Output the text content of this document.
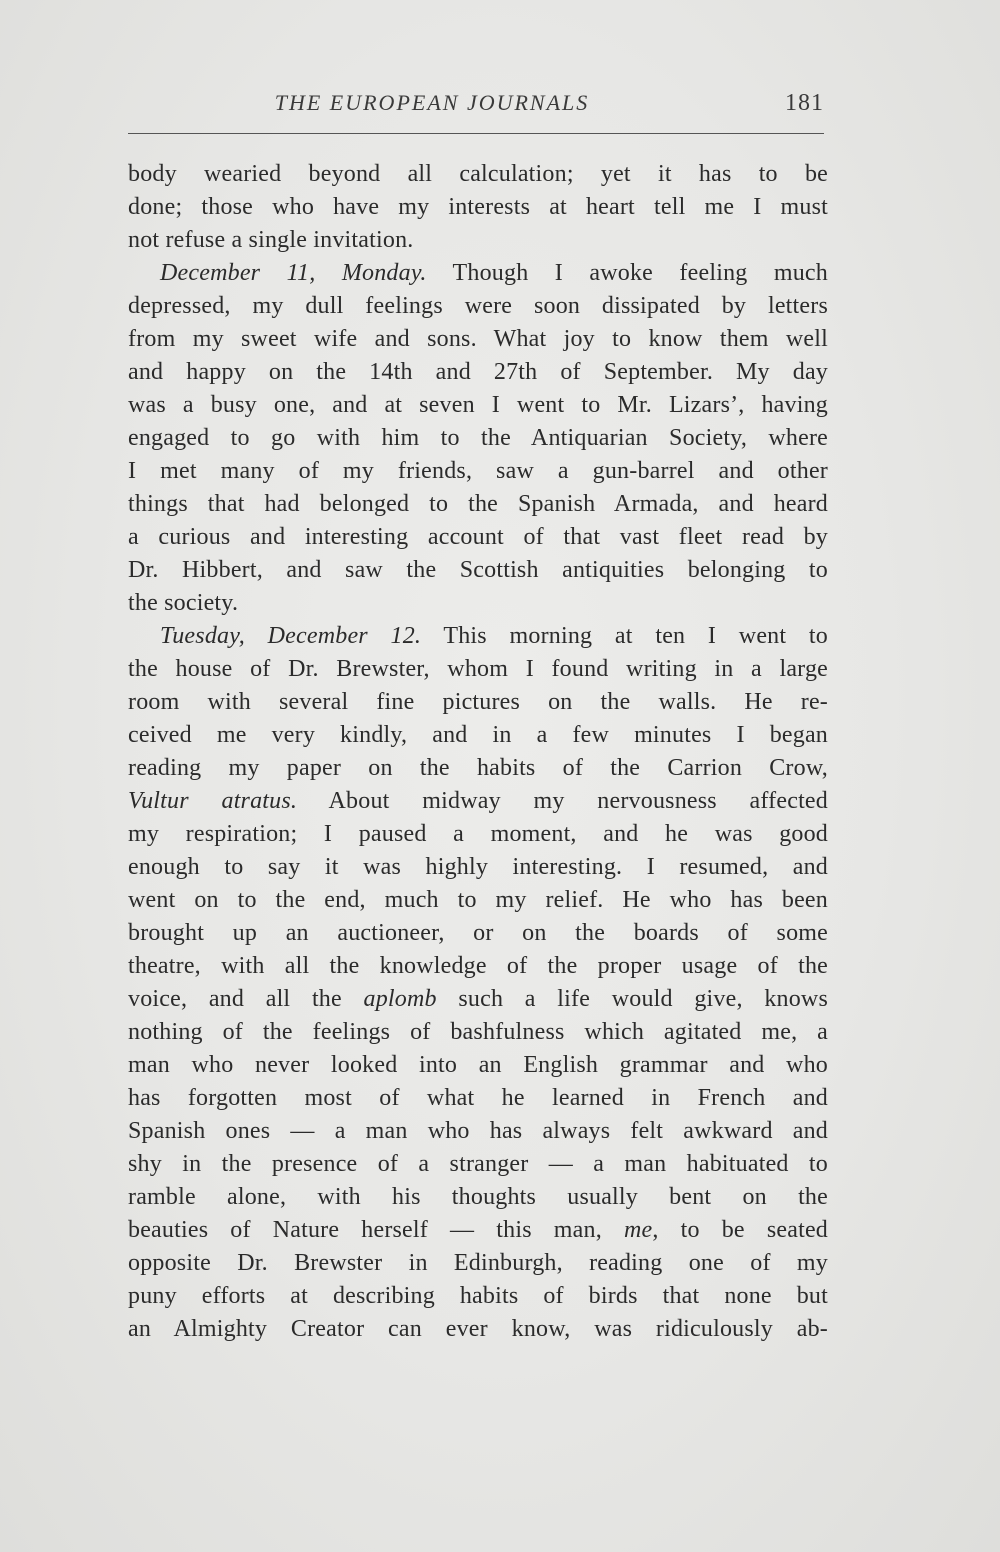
THE EUROPEAN JOURNALS	181
body wearied beyond all calculation; yet it has to be
done; those who have my interests at heart tell me I must
not refuse a single invitation.
December 11, Monday. Though I awoke feeling much
depressed, my dull feelings were soon dissipated by letters
from my sweet wife and sons. What joy to know them well
and happy on the 14th and 27th of September. My day
was a busy one, and at seven I went to Mr. Lizars’, having
engaged to go with him to the Antiquarian Society, where
I met many of my friends, saw a gun-barrel and other
things that had belonged to the Spanish Armada, and heard
a curious and interesting account of that vast fleet read by
Dr. Hibbert, and saw the Scottish antiquities belonging to
the society.
Tuesday, December 12. This morning at ten I went to
the house of Dr. Brewster, whom I found writing in a large
room with several fine pictures on the walls. He re-
ceived me very kindly, and in a few minutes I began
reading my paper on the habits of the Carrion Crow,
Vultur atratus. About midway my nervousness affected
my respiration; I paused a moment, and he was good
enough to say it was highly interesting. I resumed, and
went on to the end, much to my relief. He who has been
brought up an auctioneer, or on the boards of some
theatre, with all the knowledge of the proper usage of the
voice, and all the aplomb such a life would give, knows
nothing of the feelings of bashfulness which agitated me, a
man who never looked into an English grammar and who
has forgotten most of what he learned in French and
Spanish ones — a man who has always felt awkward and
shy in the presence of a stranger — a man habituated to
ramble alone, with his thoughts usually bent on the
beauties of Nature herself — this man, me, to be seated
opposite Dr. Brewster in Edinburgh, reading one of my
puny efforts at describing habits of birds that none but
an Almighty Creator can ever know, was ridiculously ab-
